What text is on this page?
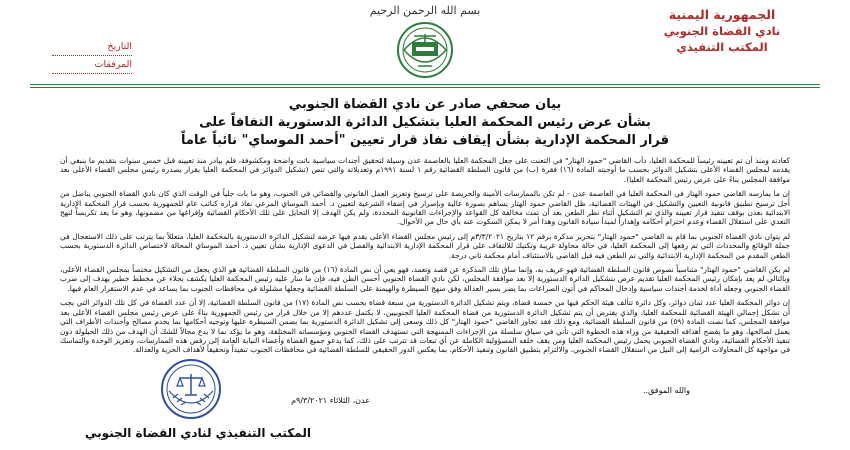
بسم الله الرحمن الرحيم	الجمهورية اليمنية
نادي القضاة الجنوبي
المكتب التنفيذي
التاريخ
المرفقات
بيان صحفي صادر عن نادي القضاة الجنوبي
بشأن عرض رئيس المحكمة العليا بتشكيل الدائرة الدستورية التفافاً على
قرار المحكمة الإدارية بشأن إيقاف نفاذ قرار تعيين "أحمد الموساي" نائباً عاماً

كعادته ومنذ أن تم تعيينه رئيساً للمحكمة العليا، دأب القاضي "حمود الهتار" في التعنت على جعل المحكمة العليا بالعاصمة عدن وسيلة لتحقيق أجندات سياسية باتت واضحة ومكشوفة، فلم يبادر منذ تعيينه قبل خمس سنوات بتقديم ما ينبغي أن يقدمه لمجلس القضاء الأعلى بتشكيل الدوائر بحسب ما أوجبته المادة (١٦) فقرة (ب) من قانون السلطة القضائية رقم ١ لسنة ١٩٩١م وتعديلاته والتي تنص (تشكيل الدوائر في المحكمة العليا بقرار يصدره رئيس مجلس القضاء الأعلى بعد موافقة المجلس بناءً على عرض رئيس المحكمة العليا).

إن ما يمارسه القاضي حمود الهتار في المحكمة العليا في العاصمة عدن - لم تكن بالممارسات الأمينة والحريصة على ترسيخ وتعزيز العمل القانوني والقضائي في الجنوب، وهو ما بات جلياً في الوقت الذي كان نادي القضاة الجنوبي يناضل من أجل ترسيخ تطبيق قانونية التعيين والتشكيل في الهيئات القضائية، ظل القاضي حمود الهتار يساهم بصورة عالية وبإصرار في إضفاء الشرعية لتعيين د. أحمد الموساي المرعي نفاذ قراره كنائب عام للجمهورية بحسب قرار المحكمة الإدارية الابتدائية بعدن بوقف تنفيذ قرار تعيينه والذي تم التشكيل أثناء نظر الطعن بعد أن تمت مخالفة كل القواعد والإجراءات القانونية المحددة، ولم يكن الهدف إلا التحايل على تلك الأحكام القضائية وإفراغها من مضمونها، وهو ما يعد تكريساً لنهج التعدي على استقلال القضاء وعدم احترام أحكامه وإهداراً لمبدأ سيادة القانون وهذا أمر لا يمكن السكوت عنه بأي حال من الأحوال.

لم يتوان نادي القضاة الجنوبي بما قام به القاضي "حمود الهتار" بتحرير مذكرة برقم ١٢ بتاريخ ٣/٣/٢٠٢١م إلى رئيس مجلس القضاء الأعلى يقدم فيها عرضه لتشكيل الدائرة الدستورية بالمحكمة العليا، متعللاً بما يترتب على ذلك الاستعجال في جملة الوقائع والمحددات التي تم رفعها إلى المحكمة العليا، في حالة محاولة غريبة وتكتيك للالتفاف على قرار المحكمة الإدارية الابتدائية والفصل في الدعوى الإدارية بشأن تعيين د. أحمد الموساي المحالة لاختصاص الدائرة الدستورية بحسب الطعن المقدم من المحكمة الإدارية الابتدائية والتي تم الطعن فيه قبل القاضي بالاستئناف أمام محكمة ثاني درجة.

لم يكن القاضي "حمود الهتار" متناسياً نصوص قانون السلطة القضائية فهو عريف به، وإنما ساق تلك المذكرة عن قصد وتعمد، فهو يعي أن نص المادة (١٦) من قانون السلطة القضائية هو الذي يجعل من التشكيل مختصاً بمجلس القضاء الأعلى، وبالتالي لم يعد بإمكان رئيس المحكمة العليا تقديم عرض بتشكيل الدائرة الدستورية إلا بعد موافقة المجلس، لكن نادي القضاة الجنوبي أحسن الظن فيه، فإن ما سار عليه رئيس المحكمة العليا يكشف بجلاء عن مخطط خطير يهدف إلى ضرب القضاء الجنوبي وجعله أداة لخدمة أجندات سياسية وإدخال المحاكم في أتون الصراعات بما يضر بسير العدالة وفق منهج السيطرة والهيمنة على السلطة القضائية وجعلها مشلولة في محافظات الجنوب بما يساعد في عدم الاستقرار العام فيها.

إن دوائر المحكمة العليا عدد ثمان دوائر، وكل دائرة تتألف هيئة الحكم فيها من خمسة قضاة، ويتم تشكيل الدائرة الدستورية من سبعة قضاة بحسب نص المادة (١٧) من قانون السلطة القضائية، إلا أن عدد القضاة في كل تلك الدوائر التي يجب أن تشكل إجمالي الهيئة القضائية للمحكمة العليا، والذي يفترض أن يتم تشكيل الدائرة الدستورية من قضاة المحكمة العليا الجنوبيين، لا يكتمل عددهم إلا من خلال قرار من رئيس الجمهورية بناءً على عرض رئيس مجلس القضاء الأعلى بعد موافقة المجلس، كما نصت المادة (٥٩) من قانون السلطة القضائية، ومع ذلك فقد تجاوز القاضي "حمود الهتار" كل ذلك وسعى إلى تشكيل الدائرة الدستورية بما يضمن السيطرة عليها وتوجيه أحكامها بما يخدم مصالح وأجندات الأطراف التي يعمل لصالحها، وهو ما يفضح أهدافه الحقيقية من وراء هذه الخطوة التي تأتي في سياق سلسلة من الإجراءات الممنهجة التي تستهدف القضاء الجنوبي ومؤسساته المختلفة، وهو ما يؤكد بما لا يدع مجالاً للشك أن الهدف من ذلك الحيلولة دون تنفيذ الأحكام القضائية، ونادي القضاة الجنوبي يحمل رئيس المحكمة العليا ومن يقف خلفه المسؤولية الكاملة عن أي تبعات قد تترتب على ذلك، كما يدعو جميع القضاة وأعضاء النيابة العامة إلى رفض هذه الممارسات، وتعزيز الوحدة والتماسك في مواجهة كل المحاولات الرامية إلى النيل من استقلال القضاء الجنوبي، والالتزام بتطبيق القانون وتنفيذ الأحكام، بما يعكس الدور الحقيقي للسلطة القضائية في محافظات الجنوب تنفيذاً وتحقيقاً لأهداف الحرية والعدالة.

والله الموفق..
عدن، الثلاثاء ٩/٣/٢٠٢١م
المكتب التنفيذي لنادي القضاة الجنوبي
